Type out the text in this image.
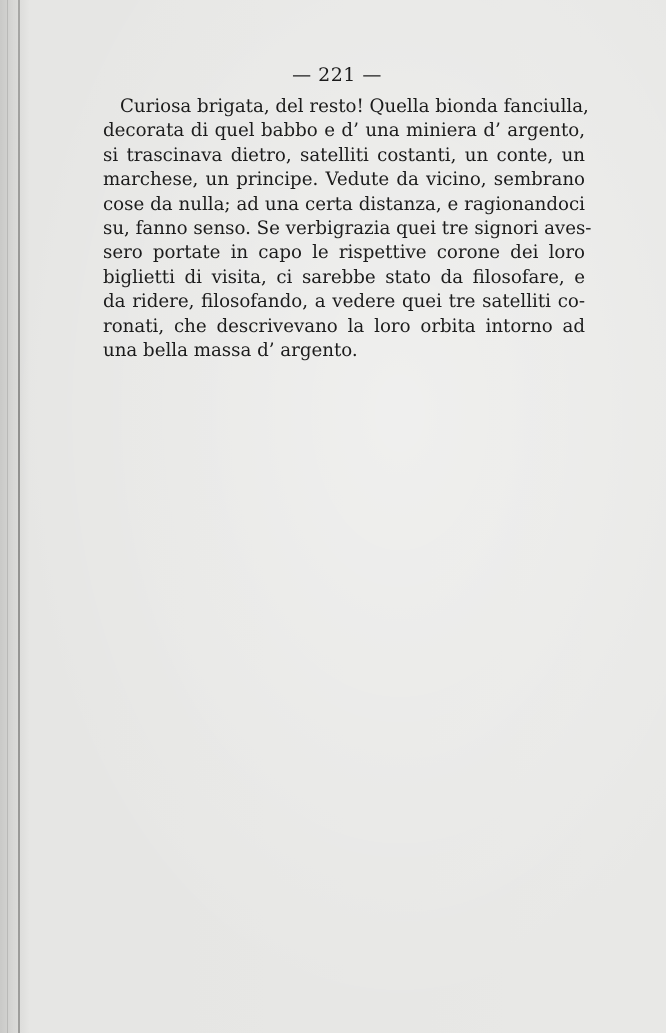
— 221 —
Curiosa brigata, del resto! Quella bionda fanciulla,
decorata di quel babbo e d’ una miniera d’ argento,
si trascinava dietro, satelliti costanti, un conte, un
marchese, un principe. Vedute da vicino, sembrano
cose da nulla; ad una certa distanza, e ragionandoci
su, fanno senso. Se verbigrazia quei tre signori aves-
sero portate in capo le rispettive corone dei loro
biglietti di visita, ci sarebbe stato da filosofare, e
da ridere, filosofando, a vedere quei tre satelliti co-
ronati, che descrivevano la loro orbita intorno ad
una bella massa d’ argento.
